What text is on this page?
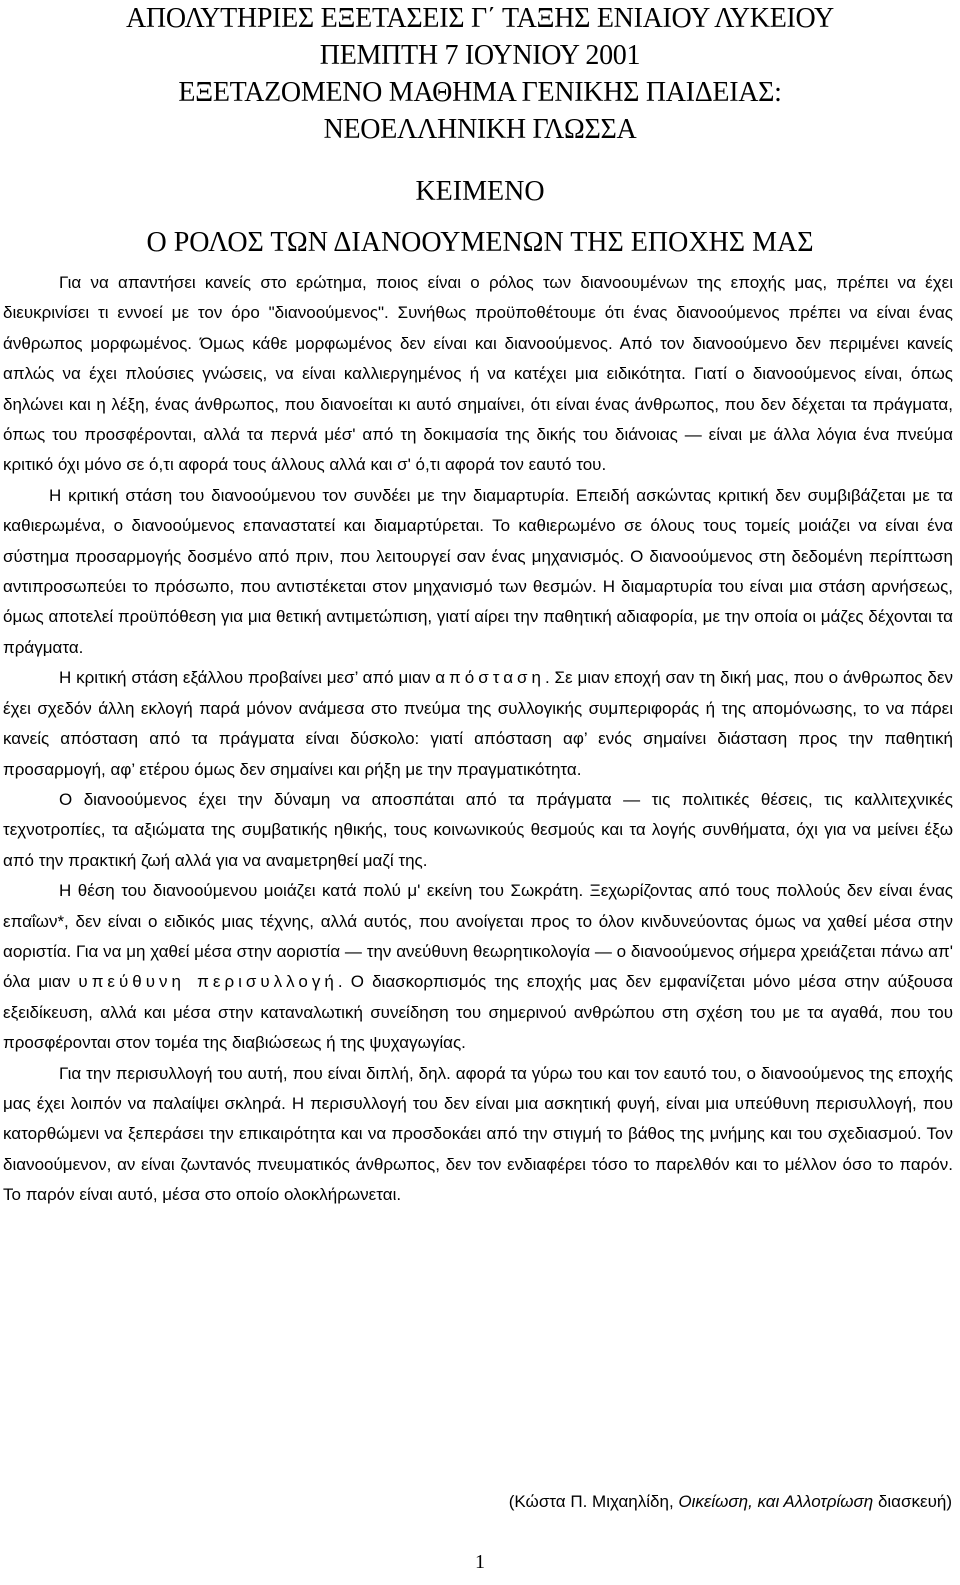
ΑΠΟΛΥΤΗΡΙΕΣ ΕΞΕΤΑΣΕΙΣ Γ΄ ΤΑΞΗΣ ΕΝΙΑΙΟΥ ΛΥΚΕΙΟΥ
ΠΕΜΠΤΗ 7 ΙΟΥΝΙΟΥ 2001
ΕΞΕΤΑΖΟΜΕΝΟ ΜΑΘΗΜΑ ΓΕΝΙΚΗΣ ΠΑΙΔΕΙΑΣ:
ΝΕΟΕΛΛΗΝΙΚΗ ΓΛΩΣΣΑ
ΚΕΙΜΕΝΟ
Ο ΡΟΛΟΣ ΤΩΝ ΔΙΑΝΟΟΥΜΕΝΩΝ ΤΗΣ ΕΠΟΧΗΣ ΜΑΣ

Για να απαντήσει κανείς στο ερώτημα, ποιος είναι ο ρόλος των διανοουμένων της εποχής μας, πρέπει να έχει διευκρινίσει τι εννοεί με τον όρο "διανοούμενος". Συνήθως προϋποθέτουμε ότι ένας διανοούμενος πρέπει να είναι ένας άνθρωπος μορφωμένος. Όμως κάθε μορφωμένος δεν είναι και διανοούμενος. Από τον διανοούμενο δεν περιμένει κανείς απλώς να έχει πλούσιες γνώσεις, να είναι καλλιεργημένος ή να κατέχει μια ειδικότητα. Γιατί ο διανοούμενος είναι, όπως δηλώνει και η λέξη, ένας άνθρωπος, που διανοείται κι αυτό σημαίνει, ότι είναι ένας άνθρωπος, που δεν δέχεται τα πράγματα, όπως του προσφέρονται, αλλά τα περνά μέσ' από τη δοκιμασία της δικής του διάνοιας — είναι με άλλα λόγια ένα πνεύμα κριτικό όχι μόνο σε ό,τι αφορά τους άλλους αλλά και σ' ό,τι αφορά τον εαυτό του.

Η κριτική στάση του διανοούμενου τον συνδέει με την διαμαρτυρία. Επειδή ασκώντας κριτική δεν συμβιβάζεται με τα καθιερωμένα, ο διανοούμενος επαναστατεί και διαμαρτύρεται. Το καθιερωμένο σε όλους τους τομείς μοιάζει να είναι ένα σύστημα προσαρμογής δοσμένο από πριν, που λειτουργεί σαν ένας μηχανισμός. Ο διανοούμενος στη δεδομένη περίπτωση αντιπροσωπεύει το πρόσωπο, που αντιστέκεται στον μηχανισμό των θεσμών. Η διαμαρτυρία του είναι μια στάση αρνήσεως, όμως αποτελεί προϋπόθεση για μια θετική αντιμετώπιση, γιατί αίρει την παθητική αδιαφορία, με την οποία οι μάζες δέχονται τα πράγματα.

Η κριτική στάση εξάλλου προβαίνει μεσ’ από μιαν απόσταση. Σε μιαν εποχή σαν τη δική μας, που ο άνθρωπος δεν έχει σχεδόν άλλη εκλογή παρά μόνον ανάμεσα στο πνεύμα της συλλογικής συμπεριφοράς ή της απομόνωσης, το να πάρει κανείς απόσταση από τα πράγματα είναι δύσκολο: γιατί απόσταση αφ’ ενός σημαίνει διάσταση προς την παθητική προσαρμογή, αφ’ ετέρου όμως δεν σημαίνει και ρήξη με την πραγματικότητα.

Ο διανοούμενος έχει την δύναμη να αποσπάται από τα πράγματα — τις πολιτικές θέσεις, τις καλλιτεχνικές τεχνοτροπίες, τα αξιώματα της συμβατικής ηθικής, τους κοινωνικούς θεσμούς και τα λογής συνθήματα, όχι για να μείνει έξω από την πρακτική ζωή αλλά για να αναμετρηθεί μαζί της.

Η θέση του διανοούμενου μοιάζει κατά πολύ μ' εκείνη του Σωκράτη. Ξεχωρίζοντας από τους πολλούς δεν είναι ένας επαΐων*, δεν είναι ο ειδικός μιας τέχνης, αλλά αυτός, που ανοίγεται προς το όλον κινδυνεύοντας όμως να χαθεί μέσα στην αοριστία. Για να μη χαθεί μέσα στην αοριστία — την ανεύθυνη θεωρητικολογία — ο διανοούμενος σήμερα χρειάζεται πάνω απ' όλα μιαν υπεύθυνη περισυλλογή. Ο διασκορπισμός της εποχής μας δεν εμφανίζεται μόνο μέσα στην αύξουσα εξειδίκευση, αλλά και μέσα στην καταναλωτική συνείδηση του σημερινού ανθρώπου στη σχέση του με τα αγαθά, που του προσφέρονται στον τομέα της διαβιώσεως ή της ψυχαγωγίας.

Για την περισυλλογή του αυτή, που είναι διπλή, δηλ. αφορά τα γύρω του και τον εαυτό του, ο διανοούμενος της εποχής μας έχει λοιπόν να παλαίψει σκληρά. Η περισυλλογή του δεν είναι μια ασκητική φυγή, είναι μια υπεύθυνη περισυλλογή, που κατορθώμενι να ξεπεράσει την επικαιρότητα και να προσδοκάει από την στιγμή το βάθος της μνήμης και του σχεδιασμού. Τον διανοούμενον, αν είναι ζωντανός πνευματικός άνθρωπος, δεν τον ενδιαφέρει τόσο το παρελθόν και το μέλλον όσο το παρόν. Το παρόν είναι αυτό, μέσα στο οποίο ολοκλήρωνεται.

(Κώστα Π. Μιχαηλίδη, Οικείωση, και Αλλοτρίωση διασκευή)
1
